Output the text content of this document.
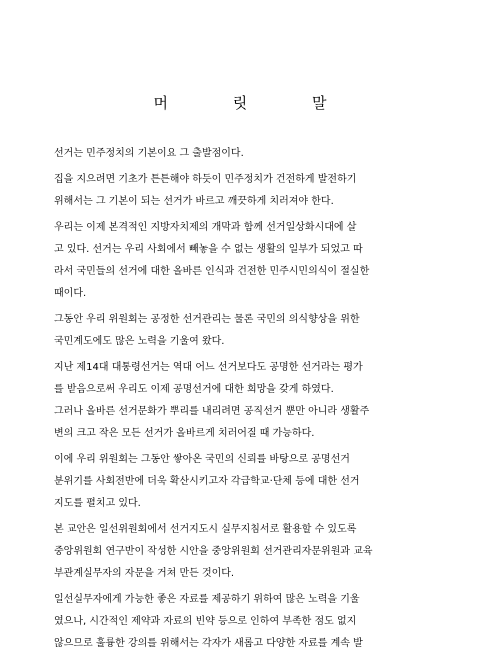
머 릿 말

선거는 민주정치의 기본이요 그 출발점이다.

집을 지으려면 기초가 튼튼해야 하듯이 민주정치가 건전하게 발전하기

위해서는 그 기본이 되는 선거가 바르고 깨끗하게 치러져야 한다.

우리는 이제 본격적인 지방자치제의 개막과 함께 선거일상화시대에 살

고 있다. 선거는 우리 사회에서 빼놓을 수 없는 생활의 일부가 되었고 따

라서 국민들의 선거에 대한 올바른 인식과 건전한 민주시민의식이 절실한

때이다.

그동안 우리 위원회는 공정한 선거관리는 물론 국민의 의식향상을 위한

국민계도에도 많은 노력을 기울여 왔다.

지난 제14대 대통령선거는 역대 어느 선거보다도 공명한 선거라는 평가

를 받음으로써 우리도 이제 공명선거에 대한 희망을 갖게 하였다.

그러나 올바른 선거문화가 뿌리를 내리려면 공직선거 뿐만 아니라 생활주

변의 크고 작은 모든 선거가 올바르게 치러어질 때 가능하다.

이에 우리 위원회는 그동안 쌓아온 국민의 신뢰를 바탕으로 공명선거

분위기를 사회전반에 더욱 확산시키고자 각급학교·단체 등에 대한 선거

지도를 펼치고 있다.

본 교안은 일선위원회에서 선거지도시 실무지침서로 활용할 수 있도록

중앙위원회 연구반이 작성한 시안을 중앙위원회 선거관리자문위원과 교육

부관계실무자의 자문을 거쳐 만든 것이다.

일선실무자에게 가능한 좋은 자료를 제공하기 위하여 많은 노력을 기울

였으나, 시간적인 제약과 자료의 빈약 등으로 인하여 부족한 점도 없지

않으므로 훌륭한 강의를 위해서는 각자가 새롭고 다양한 자료를 계속 발
